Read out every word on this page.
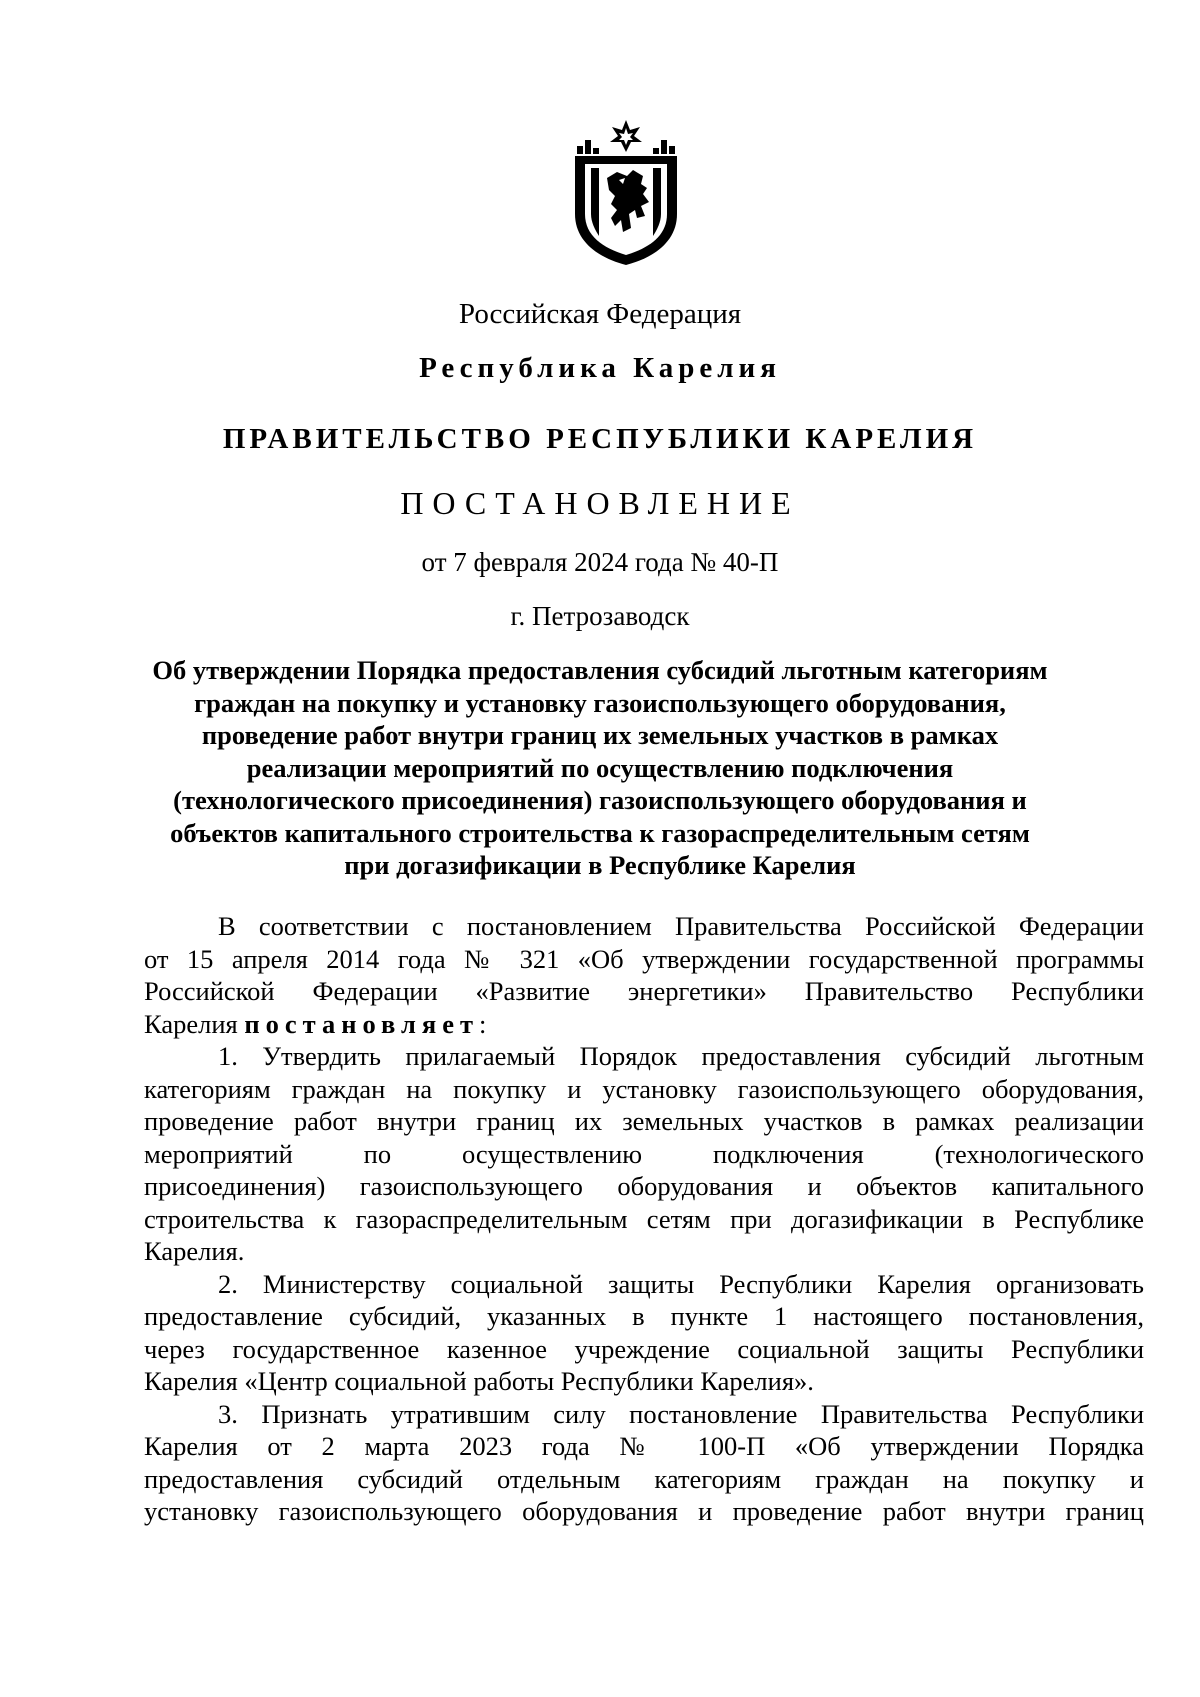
Российская Федерация
Республика Карелия
ПРАВИТЕЛЬСТВО РЕСПУБЛИКИ КАРЕЛИЯ
ПОСТАНОВЛЕНИЕ
от 7 февраля 2024 года № 40-П
г. Петрозаводск
Об утверждении Порядка предоставления субсидий льготным категориям
граждан на покупку и установку газоиспользующего оборудования,
проведение работ внутри границ их земельных участков в рамках
реализации мероприятий по осуществлению подключения
(технологического присоединения) газоиспользующего оборудования и
объектов капитального строительства к газораспределительным сетям
при догазификации в Республике Карелия
В соответствии с постановлением Правительства Российской Федерации
от 15 апреля 2014 года № 321 «Об утверждении государственной программы
Российской Федерации «Развитие энергетики» Правительство Республики
Карелия постановляет:
1. Утвердить прилагаемый Порядок предоставления субсидий льготным
категориям граждан на покупку и установку газоиспользующего оборудования,
проведение работ внутри границ их земельных участков в рамках реализации
мероприятий по осуществлению подключения (технологического
присоединения) газоиспользующего оборудования и объектов капитального
строительства к газораспределительным сетям при догазификации в Республике
Карелия.
2. Министерству социальной защиты Республики Карелия организовать
предоставление субсидий, указанных в пункте 1 настоящего постановления,
через государственное казенное учреждение социальной защиты Республики
Карелия «Центр социальной работы Республики Карелия».
3. Признать утратившим силу постановление Правительства Республики
Карелия от 2 марта 2023 года № 100-П «Об утверждении Порядка
предоставления субсидий отдельным категориям граждан на покупку и
установку газоиспользующего оборудования и проведение работ внутри границ
